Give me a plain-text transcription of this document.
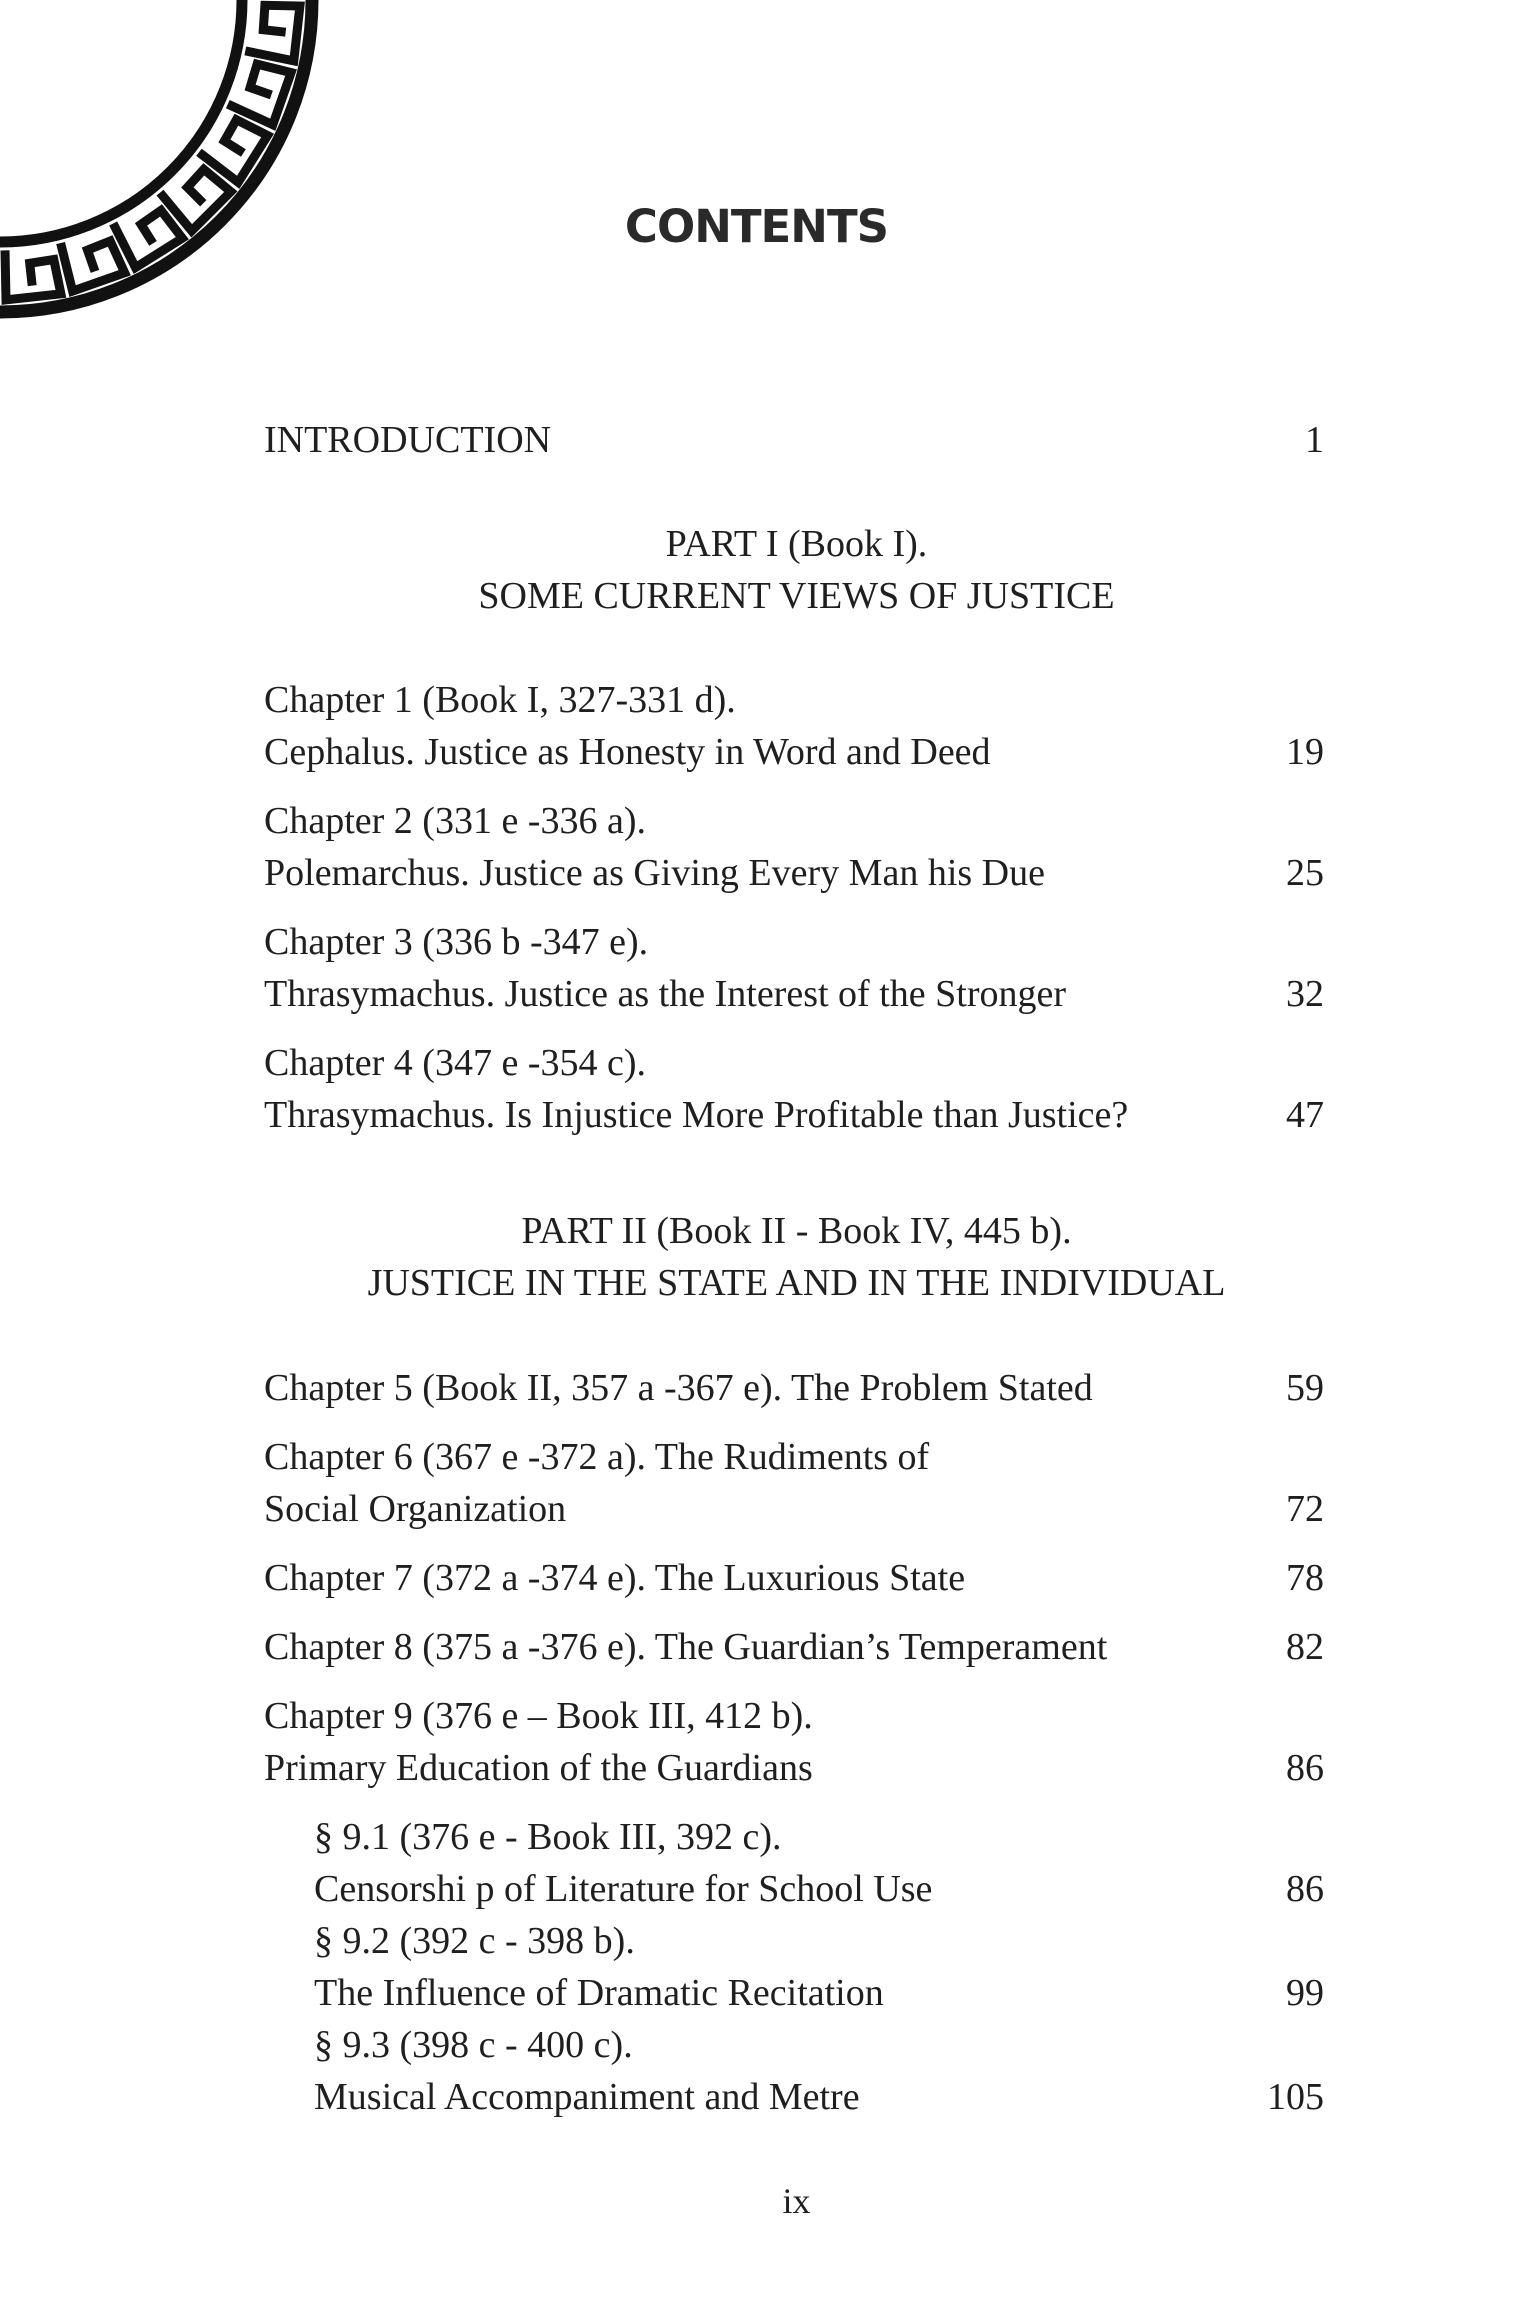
CONTENTS
INTRODUCTION	1
PART I (Book I).
SOME CURRENT VIEWS OF JUSTICE
Chapter 1 (Book I, 327-331 d).
Cephalus. Justice as Honesty in Word and Deed	19
Chapter 2 (331 e -336 a).
Polemarchus. Justice as Giving Every Man his Due	25
Chapter 3 (336 b -347 e).
Thrasymachus. Justice as the Interest of the Stronger	32
Chapter 4 (347 e -354 c).
Thrasymachus. Is Injustice More Profitable than Justice?	47
PART II (Book II - Book IV, 445 b).
JUSTICE IN THE STATE AND IN THE INDIVIDUAL
Chapter 5 (Book II, 357 a -367 e). The Problem Stated	59
Chapter 6 (367 e -372 a). The Rudiments of
Social Organization	72
Chapter 7 (372 a -374 e). The Luxurious State	78
Chapter 8 (375 a -376 e). The Guardian’s Temperament	82
Chapter 9 (376 e – Book III, 412 b).
Primary Education of the Guardians	86
§ 9.1 (376 e - Book III, 392 c).
Censorshi p of Literature for School Use	86
§ 9.2 (392 c - 398 b).
The Influence of Dramatic Recitation	99
§ 9.3 (398 c - 400 c).
Musical Accompaniment and Metre	105
ix
